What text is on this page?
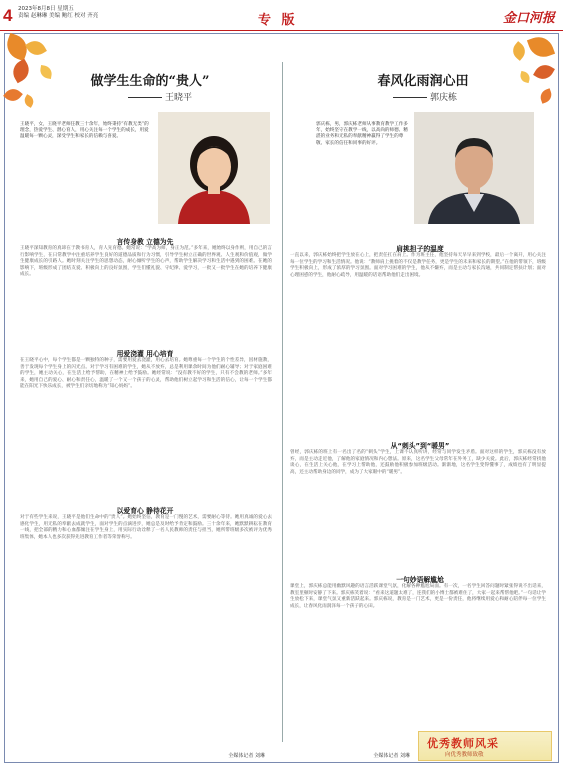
4 2023年8月8日 星期五
责编 赵琳琳 美编 鲍红 校对 齐亮	专 版	金口河报
做学生生命的“贵人”
王晓平
王晓平，女，王晓平老师任教三十余年，始终秉持“有教无类”的理念，热爱学生、潜心育人，用心关注每一个学生的成长，用爱温暖每一颗心灵，深受学生和家长的信赖与喜爱。
言传身教 立德为先
王晓平深知教育的真谛在于教书育人，育人先育德。她常说：“学高为师，身正为范。”多年来，她始终以身作则，用自己的言行影响学生，在日常教学中注重培养学生良好的道德品质和行为习惯，引导学生树立正确的世界观、人生观和价值观，做学生健康成长的引路人。她时刻关注学生的思想动态，耐心倾听学生的心声，帮助学生解决学习和生活中遇到的困难。在她的影响下，班级形成了团结友爱、积极向上的良好氛围，学生们懂礼貌、守纪律、爱学习，一批又一批学生在她的培养下健康成长。
用爱浇灌 用心培育
在王晓平心中，每个学生都是一颗独特的种子，需要用爱去浇灌，用心去培育。她尊重每一个学生的个性差异，因材施教，善于发现每个学生身上的闪光点。对于学习有困难的学生，她从不放弃，总是利用课余时间为他们耐心辅导；对于家庭困难的学生，她主动关心，在生活上给予帮助，在精神上给予鼓励。她经常说：“没有教不好的学生，只有不会教的老师。”多年来，她用自己的爱心、耐心和责任心，温暖了一个又一个孩子的心灵，帮助他们树立起学习和生活的信心，让每一个学生都能在阳光下快乐成长，被学生们亲切地称为“知心妈妈”。
以爱育心 静待花开
对于有些学生来说，王晓平是他们生命中的“贵人”。她始终坚信，教育是一门慢的艺术，需要耐心等待。她用真诚的爱心去感化学生，用无私的奉献去成就学生，面对学生的点滴进步，她总是及时给予肯定和鼓励。三十余年来，她默默耕耘在教育一线，把全部的精力和心血都倾注在学生身上，用实际行动诠释了一名人民教师的责任与担当，她所带班级多次被评为优秀班集体，她本人也多次获得先进教育工作者等荣誉称号。
全媒体记者 刘琳
春风化雨润心田
郭庆栋
郭庆栋，男，郭庆栋老师从事教育教学工作多年，始终坚守在教学一线，以高尚的师德、精湛的业务和无私的奉献精神赢得了学生的尊敬、家长的信任和同事的好评。
肩挑担子的温度
一直以来，郭庆栋始终把学生放在心上，把责任扛在肩上。作为班主任，他坚持每天早早来到学校，最后一个离开，用心关注每一位学生的学习和生活情况。他说：“教师肩上挑着的不仅是教学任务，更是学生的未来和家长的期望。”在他的带领下，班级学生积极向上，形成了浓厚的学习氛围。面对学习困难的学生，他从不嫌弃，而是主动与家长沟通，共同制定帮扶计划；面对心理困惑的学生，他耐心疏导，用温暖的话语帮助他们走出困境。
从“刺头”到“暖男”
曾经，郭庆栋的班上有一名出了名的“刺头”学生，上课不认真听讲，经常与同学发生矛盾。面对这样的学生，郭庆栋没有放弃，而是主动走近他，了解他的家庭情况和内心想法。原来，这名学生父母常年在外务工，缺少关爱。此后，郭庆栋经常找他谈心，在生活上关心他，在学习上帮助他，还鼓励他积极参加班级活动。渐渐地，这名学生变得懂事了，成绩也有了明显提高，还主动帮助身边的同学，成为了大家眼中的“暖男”。
一句妙语解尴尬
课堂上，郭庆栋总能用幽默风趣的语言活跃课堂气氛，化解各种尴尬局面。有一次，一名学生回答问题时紧张得说不出话来，教室里顿时安静了下来。郭庆栋笑着说：“看来这道题太难了，连我们的小博士都被难住了，大家一起来帮帮他吧。”一句话让学生放松下来，课堂气氛又重新活跃起来。郭庆栋说，教育是一门艺术，更是一份责任，他将继续用爱心和耐心陪伴每一位学生成长，让春风化雨润泽每一个孩子的心田。
全媒体记者 刘琳
优秀教师风采
向优秀教师致敬
